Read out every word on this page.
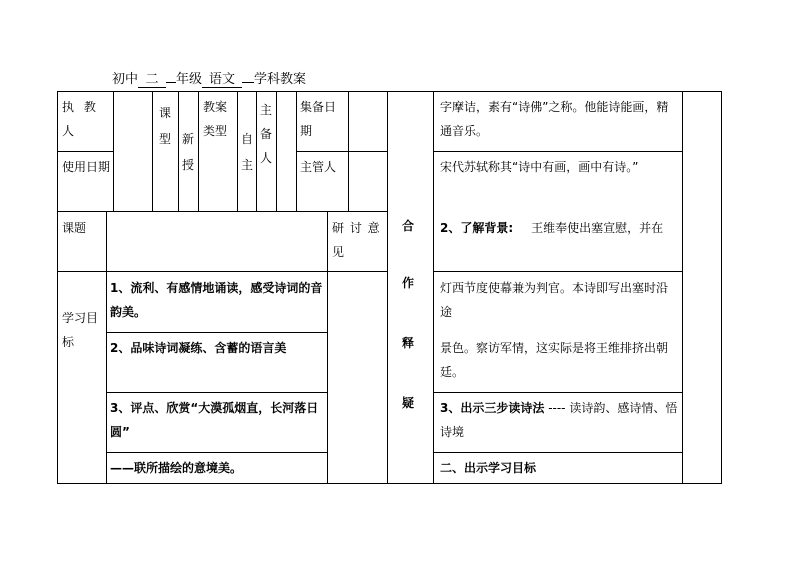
初中 二 年级 语文 学科教案
执 教 人
课型 新授
教案类型
自主
主备人
集备日期
使用日期	主管人
课题	研 讨 意 见
学习目标
1、流利、有感情地诵读，感受诗词的音韵美。
2、品味诗词凝练、含蓄的语言美
3、评点、欣赏“大漠孤烟直，长河落日圆”
——联所描绘的意境美。
合
作
释
疑
字摩诘，素有“诗佛”之称。他能诗能画，精通音乐。
宋代苏轼称其“诗中有画，画中有诗。”
2、了解背景: 王维奉使出塞宣慰，并在
灯西节度使幕兼为判官。本诗即写出塞时沿途
景色。察访军情，这实际是将王维排挤出朝廷。
3、出示三步读诗法 ---- 读诗韵、感诗情、悟诗境
二、出示学习目标
